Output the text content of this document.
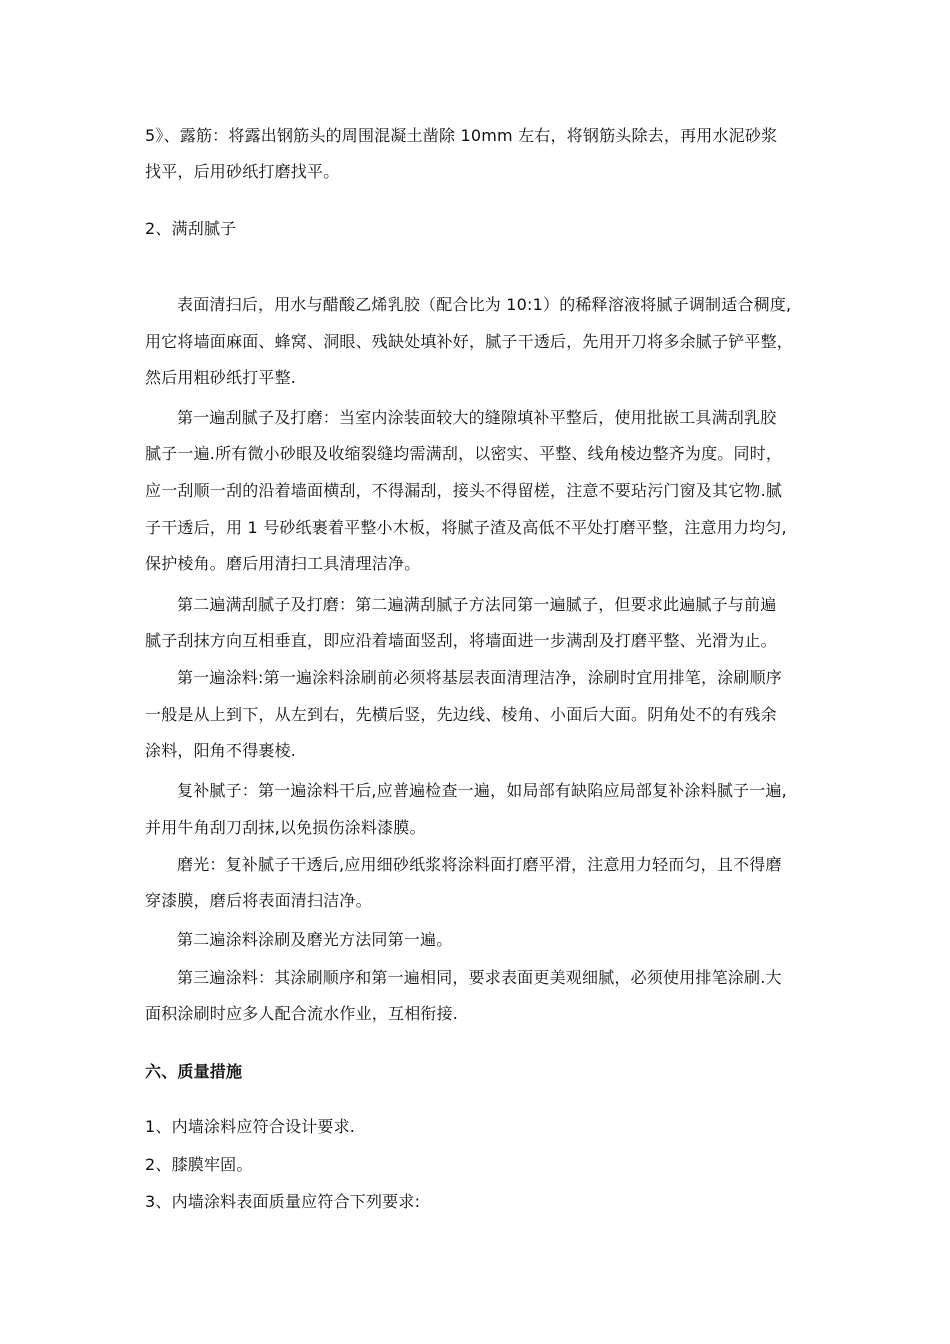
5》、露筋：将露出钢筋头的周围混凝土凿除 10mm 左右，将钢筋头除去，再用水泥砂浆
找平，后用砂纸打磨找平。
2、满刮腻子
表面清扫后，用水与醋酸乙烯乳胶（配合比为 10:1）的稀释溶液将腻子调制适合稠度,
用它将墙面麻面、蜂窝、洞眼、残缺处填补好，腻子干透后，先用开刀将多余腻子铲平整，
然后用粗砂纸打平整.
第一遍刮腻子及打磨：当室内涂装面较大的缝隙填补平整后，使用批嵌工具满刮乳胶
腻子一遍.所有微小砂眼及收缩裂缝均需满刮，以密实、平整、线角棱边整齐为度。同时，
应一刮顺一刮的沿着墙面横刮，不得漏刮，接头不得留槎，注意不要玷污门窗及其它物.腻
子干透后，用 1 号砂纸裹着平整小木板，将腻子渣及高低不平处打磨平整，注意用力均匀,
保护棱角。磨后用清扫工具清理洁净。
第二遍满刮腻子及打磨：第二遍满刮腻子方法同第一遍腻子，但要求此遍腻子与前遍
腻子刮抹方向互相垂直，即应沿着墙面竖刮，将墙面进一步满刮及打磨平整、光滑为止。
第一遍涂料:第一遍涂料涂刷前必须将基层表面清理洁净，涂刷时宜用排笔，涂刷顺序
一般是从上到下，从左到右，先横后竖，先边线、棱角、小面后大面。阴角处不的有残余
涂料，阳角不得裹棱.
复补腻子：第一遍涂料干后,应普遍检查一遍，如局部有缺陷应局部复补涂料腻子一遍,
并用牛角刮刀刮抹,以免损伤涂料漆膜。
磨光：复补腻子干透后,应用细砂纸浆将涂料面打磨平滑，注意用力轻而匀，且不得磨
穿漆膜，磨后将表面清扫洁净。
第二遍涂料涂刷及磨光方法同第一遍。
第三遍涂料：其涂刷顺序和第一遍相同，要求表面更美观细腻，必须使用排笔涂刷.大
面积涂刷时应多人配合流水作业，互相衔接.
六、质量措施
1、内墙涂料应符合设计要求.
2、膝膜牢固。
3、内墙涂料表面质量应符合下列要求:
